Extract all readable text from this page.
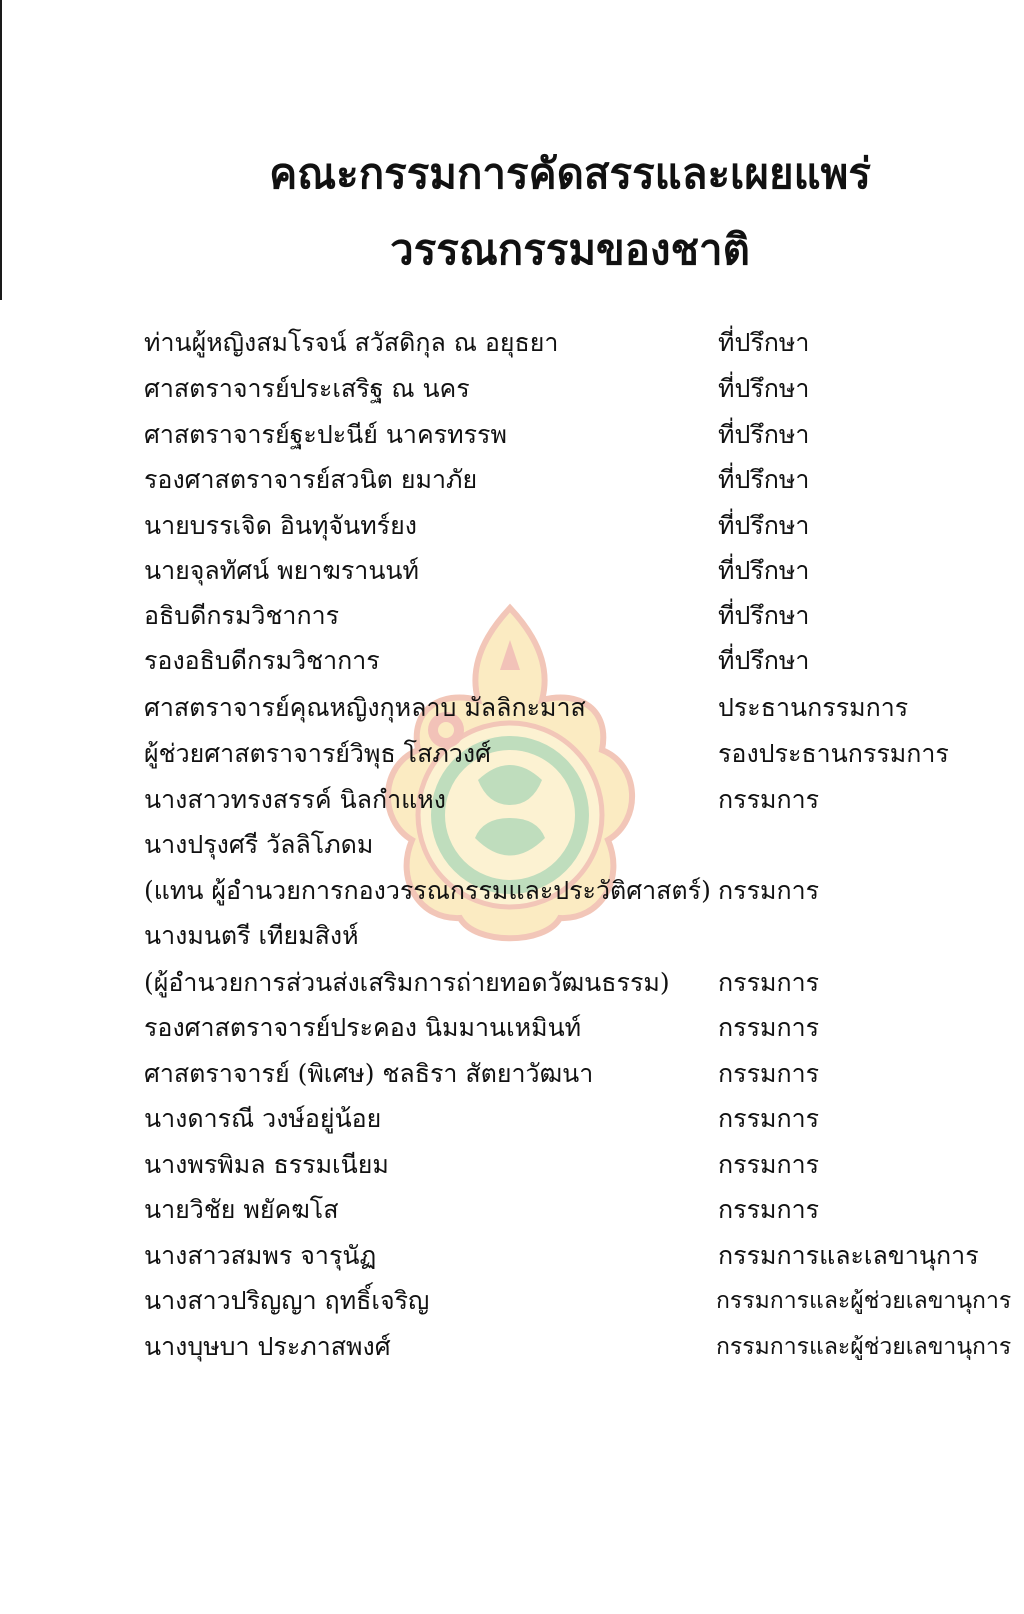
คณะกรรมการคัดสรรและเผยแพร่
วรรณกรรมของชาติ
ท่านผู้หญิงสมโรจน์ สวัสดิกุล ณ อยุธยา	ที่ปรึกษา
ศาสตราจารย์ประเสริฐ ณ นคร	ที่ปรึกษา
ศาสตราจารย์ฐะปะนีย์ นาครทรรพ	ที่ปรึกษา
รองศาสตราจารย์สวนิต ยมาภัย	ที่ปรึกษา
นายบรรเจิด อินทุจันทร์ยง	ที่ปรึกษา
นายจุลทัศน์ พยาฆรานนท์	ที่ปรึกษา
อธิบดีกรมวิชาการ	ที่ปรึกษา
รองอธิบดีกรมวิชาการ	ที่ปรึกษา
ศาสตราจารย์คุณหญิงกุหลาบ มัลลิกะมาส	ประธานกรรมการ
ผู้ช่วยศาสตราจารย์วิพุธ โสภวงศ์	รองประธานกรรมการ
นางสาวทรงสรรค์ นิลกำแหง	กรรมการ
นางปรุงศรี วัลลิโภดม
(แทน ผู้อำนวยการกองวรรณกรรมและประวัติศาสตร์) กรรมการ
นางมนตรี เทียมสิงห์
(ผู้อำนวยการส่วนส่งเสริมการถ่ายทอดวัฒนธรรม) กรรมการ
รองศาสตราจารย์ประคอง นิมมานเหมินท์	กรรมการ
ศาสตราจารย์ (พิเศษ) ชลธิรา สัตยาวัฒนา	กรรมการ
นางดารณี วงษ์อยู่น้อย	กรรมการ
นางพรพิมล ธรรมเนียม	กรรมการ
นายวิชัย พยัคฆโส	กรรมการ
นางสาวสมพร จารุนัฏ	กรรมการและเลขานุการ
นางสาวปริญญา ฤทธิ์เจริญ	กรรมการและผู้ช่วยเลขานุการ
นางบุษบา ประภาสพงศ์	กรรมการและผู้ช่วยเลขานุการ
